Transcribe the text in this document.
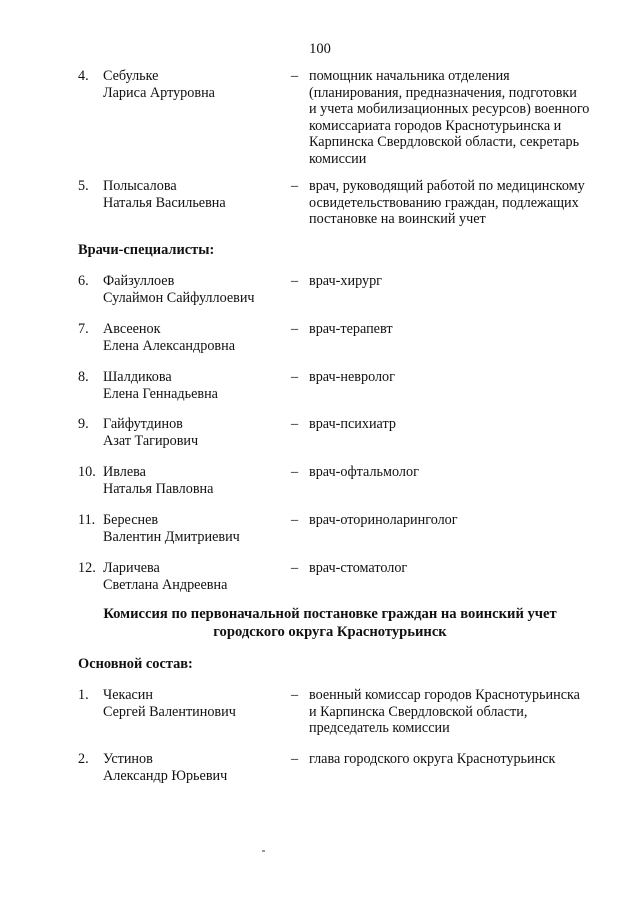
100
4.	Себульке
Лариса Артуровна
– помощник начальника отделения
(планирования, предназначения, подготовки
и учета мобилизационных ресурсов) военного
комиссариата городов Краснотурьинска и
Карпинска Свердловской области, секретарь
комиссии
5.	Полысалова
Наталья Васильевна
– врач, руководящий работой по медицинскому
освидетельствованию граждан, подлежащих
постановке на воинский учет
Врачи-специалисты:
6.	Файзуллоев
Сулаймон Сайфуллоевич
– врач-хирург
7.	Авсеенок
Елена Александровна
– врач-терапевт
8.	Шалдикова
Елена Геннадьевна
– врач-невролог
9.	Гайфутдинов
Азат Тагирович
– врач-психиатр
10. Ивлева
Наталья Павловна
– врач-офтальмолог
11. Береснев
Валентин Дмитриевич
– врач-оториноларинголог
12. Ларичева
Светлана Андреевна
– врач-стоматолог
Комиссия по первоначальной постановке граждан на воинский учет
городского округа Краснотурьинск
Основной состав:
1.	Чекасин
Сергей Валентинович
– военный комиссар городов Краснотурьинска
и Карпинска Свердловской области,
председатель комиссии
2.	Устинов
Александр Юрьевич
– глава городского округа Краснотурьинск
